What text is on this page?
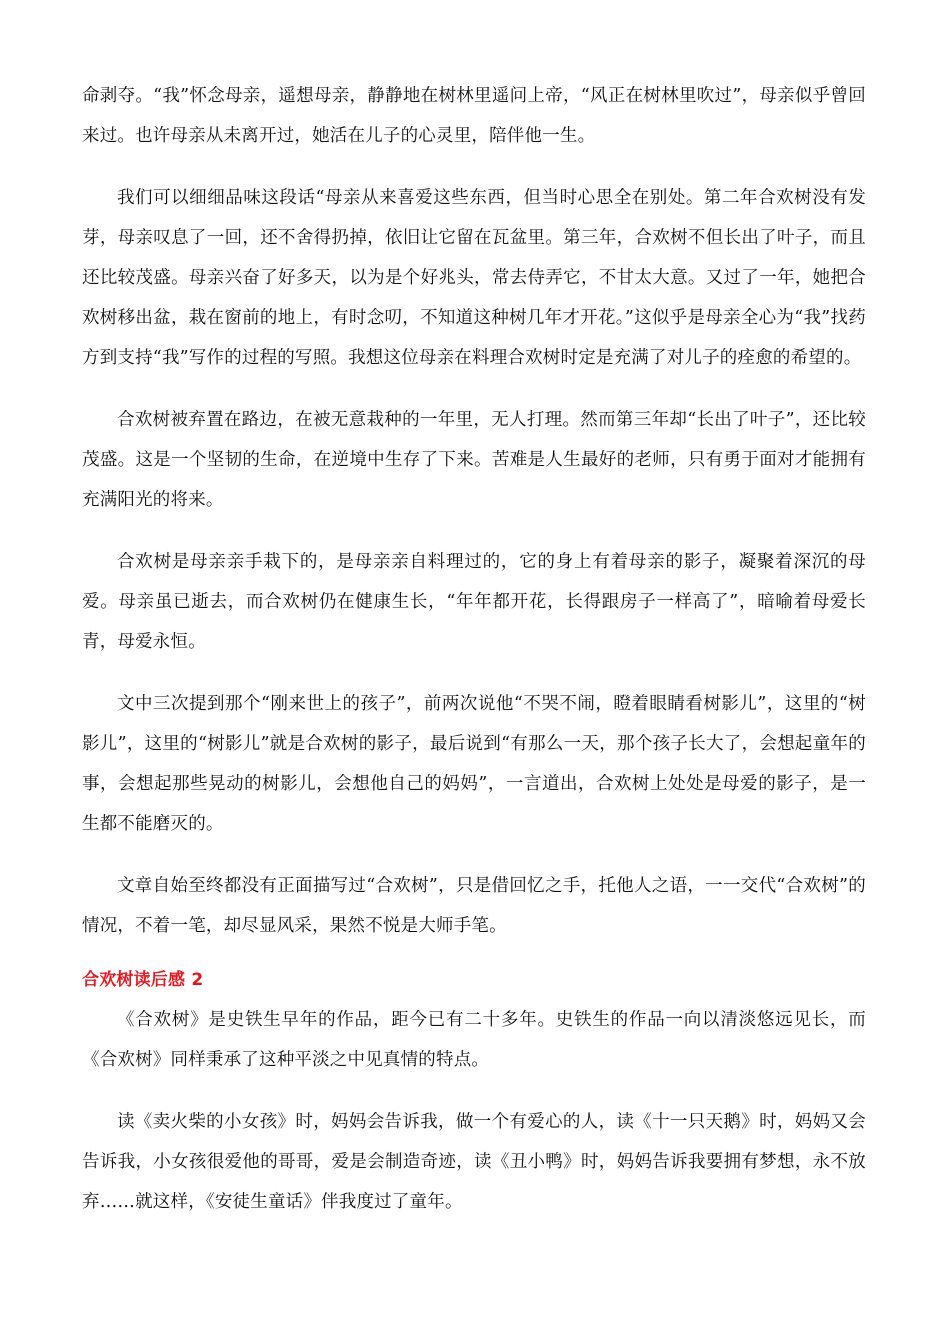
命剥夺。“我”怀念母亲，遥想母亲，静静地在树林里遥问上帝，“风正在树林里吹过”，母亲似乎曾回来过。也许母亲从未离开过，她活在儿子的心灵里，陪伴他一生。

我们可以细细品味这段话“母亲从来喜爱这些东西，但当时心思全在别处。第二年合欢树没有发芽，母亲叹息了一回，还不舍得扔掉，依旧让它留在瓦盆里。第三年，合欢树不但长出了叶子，而且还比较茂盛。母亲兴奋了好多天，以为是个好兆头，常去侍弄它，不甘太大意。又过了一年，她把合欢树移出盆，栽在窗前的地上，有时念叨，不知道这种树几年才开花。”这似乎是母亲全心为“我”找药方到支持“我”写作的过程的写照。我想这位母亲在料理合欢树时定是充满了对儿子的痊愈的希望的。

合欢树被弃置在路边，在被无意栽种的一年里，无人打理。然而第三年却“长出了叶子”，还比较茂盛。这是一个坚韧的生命，在逆境中生存了下来。苦难是人生最好的老师，只有勇于面对才能拥有充满阳光的将来。

合欢树是母亲亲手栽下的，是母亲亲自料理过的，它的身上有着母亲的影子，凝聚着深沉的母爱。母亲虽已逝去，而合欢树仍在健康生长，“年年都开花，长得跟房子一样高了”，暗喻着母爱长青，母爱永恒。

文中三次提到那个“刚来世上的孩子”，前两次说他“不哭不闹，瞪着眼睛看树影儿”，这里的“树影儿”，这里的“树影儿”就是合欢树的影子，最后说到“有那么一天，那个孩子长大了，会想起童年的事，会想起那些晃动的树影儿，会想他自己的妈妈”，一言道出，合欢树上处处是母爱的影子，是一生都不能磨灭的。

文章自始至终都没有正面描写过“合欢树”，只是借回忆之手，托他人之语，一一交代“合欢树”的情况，不着一笔，却尽显风采，果然不悦是大师手笔。

合欢树读后感 2

《合欢树》是史铁生早年的作品，距今已有二十多年。史铁生的作品一向以清淡悠远见长，而《合欢树》同样秉承了这种平淡之中见真情的特点。

读《卖火柴的小女孩》时，妈妈会告诉我，做一个有爱心的人，读《十一只天鹅》时，妈妈又会告诉我，小女孩很爱他的哥哥，爱是会制造奇迹，读《丑小鸭》时，妈妈告诉我要拥有梦想，永不放弃……就这样，《安徒生童话》伴我度过了童年。
